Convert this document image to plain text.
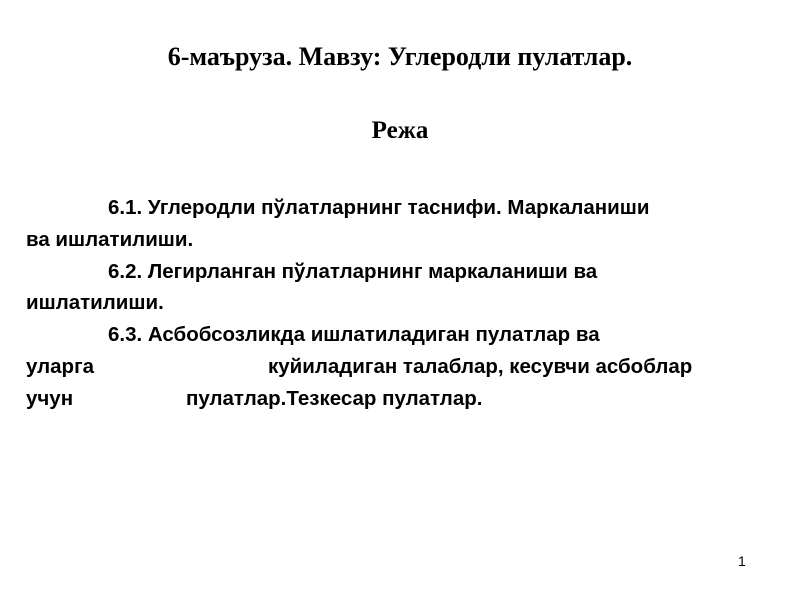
6-маъруза. Мавзу: Углеродли пулатлар.
Режа
6.1. Углеродли пўлатларнинг таснифи. Маркаланиши
ва ишлатилиши.
6.2. Легирланган пўлатларнинг маркаланиши ва
ишлатилиши.
6.3. Асбобсозликда ишлатиладиган пулатлар ва
уларга	куйиладиган талаблар, кесувчи асбоблар
учун	пулатлар.Тезкесар пулатлар.
1
